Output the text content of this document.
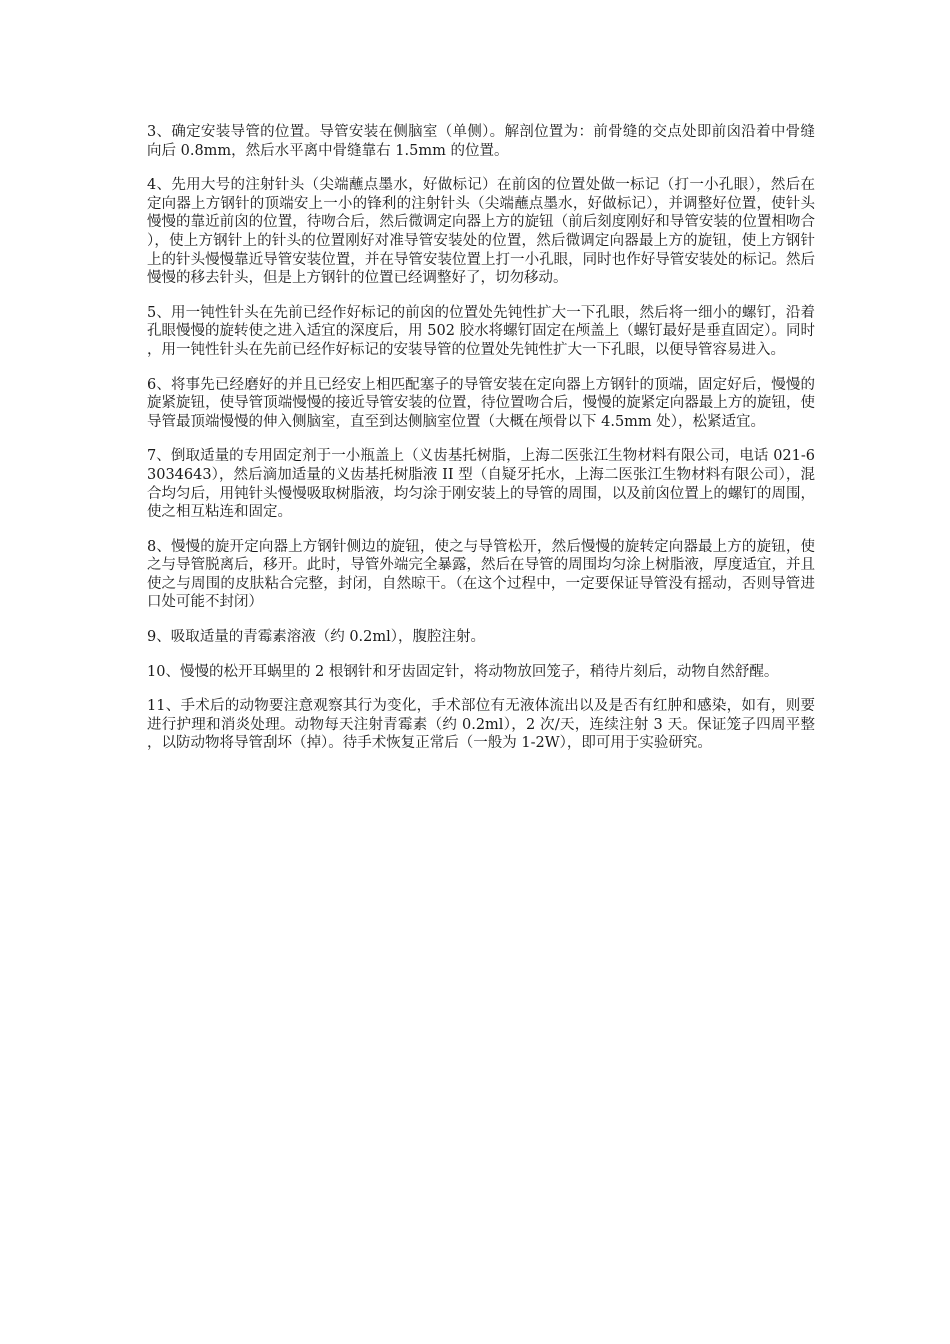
3、确定安装导管的位置。导管安装在侧脑室（单侧）。解剖位置为：前骨缝的交点处即前囟沿着中骨缝向后 0.8mm，然后水平离中骨缝靠右 1.5mm 的位置。

4、先用大号的注射针头（尖端蘸点墨水，好做标记）在前囟的位置处做一标记（打一小孔眼），然后在定向器上方钢针的顶端安上一小的锋利的注射针头（尖端蘸点墨水，好做标记），并调整好位置，使针头慢慢的靠近前囟的位置，待吻合后，然后微调定向器上方的旋钮（前后刻度刚好和导管安装的位置相吻合），使上方钢针上的针头的位置刚好对准导管安装处的位置，然后微调定向器最上方的旋钮，使上方钢针上的针头慢慢靠近导管安装位置，并在导管安装位置上打一小孔眼，同时也作好导管安装处的标记。然后慢慢的移去针头，但是上方钢针的位置已经调整好了，切勿移动。

5、用一钝性针头在先前已经作好标记的前囟的位置处先钝性扩大一下孔眼，然后将一细小的螺钉，沿着孔眼慢慢的旋转使之进入适宜的深度后，用 502 胶水将螺钉固定在颅盖上（螺钉最好是垂直固定）。同时，用一钝性针头在先前已经作好标记的安装导管的位置处先钝性扩大一下孔眼，以便导管容易进入。

6、将事先已经磨好的并且已经安上相匹配塞子的导管安装在定向器上方钢针的顶端，固定好后，慢慢的旋紧旋钮，使导管顶端慢慢的接近导管安装的位置，待位置吻合后，慢慢的旋紧定向器最上方的旋钮，使导管最顶端慢慢的伸入侧脑室，直至到达侧脑室位置（大概在颅骨以下 4.5mm 处），松紧适宜。

7、倒取适量的专用固定剂于一小瓶盖上（义齿基托树脂，上海二医张江生物材料有限公司，电话 021-63034643），然后滴加适量的义齿基托树脂液 II 型（自疑牙托水，上海二医张江生物材料有限公司），混合均匀后，用钝针头慢慢吸取树脂液，均匀涂于刚安装上的导管的周围，以及前囟位置上的螺钉的周围，使之相互粘连和固定。

8、慢慢的旋开定向器上方钢针侧边的旋钮，使之与导管松开，然后慢慢的旋转定向器最上方的旋钮，使之与导管脱离后，移开。此时，导管外端完全暴露，然后在导管的周围均匀涂上树脂液，厚度适宜，并且使之与周围的皮肤粘合完整，封闭，自然晾干。（在这个过程中，一定要保证导管没有摇动，否则导管进口处可能不封闭）

9、吸取适量的青霉素溶液（约 0.2ml），腹腔注射。

10、慢慢的松开耳蜗里的 2 根钢针和牙齿固定针，将动物放回笼子，稍待片刻后，动物自然舒醒。

11、手术后的动物要注意观察其行为变化，手术部位有无液体流出以及是否有红肿和感染，如有，则要进行护理和消炎处理。动物每天注射青霉素（约 0.2ml），2 次/天，连续注射 3 天。保证笼子四周平整，以防动物将导管刮坏（掉）。待手术恢复正常后（一般为 1-2W），即可用于实验研究。
